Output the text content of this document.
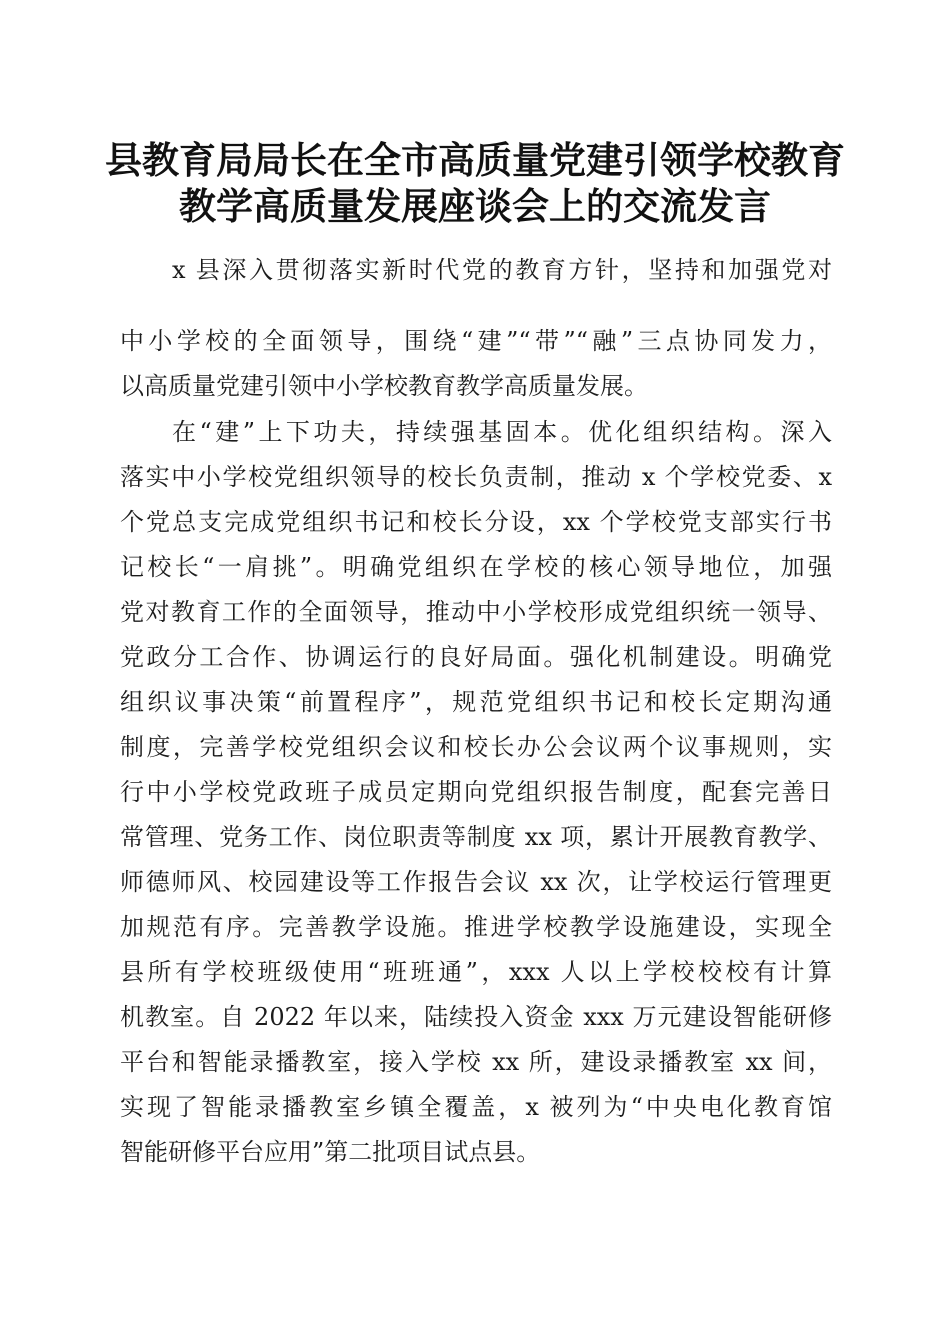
县教育局局长在全市高质量党建引领学校教育
教学高质量发展座谈会上的交流发言
x 县深入贯彻落实新时代党的教育方针，坚持和加强党对
中小学校的全面领导，围绕“建”“带”“融”三点协同发力，
以高质量党建引领中小学校教育教学高质量发展。
在“建”上下功夫，持续强基固本。优化组织结构。深入
落实中小学校党组织领导的校长负责制，推动 x 个学校党委、x
个党总支完成党组织书记和校长分设，xx 个学校党支部实行书
记校长“一肩挑”。明确党组织在学校的核心领导地位，加强
党对教育工作的全面领导，推动中小学校形成党组织统一领导、
党政分工合作、协调运行的良好局面。强化机制建设。明确党
组织议事决策“前置程序”，规范党组织书记和校长定期沟通
制度，完善学校党组织会议和校长办公会议两个议事规则，实
行中小学校党政班子成员定期向党组织报告制度，配套完善日
常管理、党务工作、岗位职责等制度 xx 项，累计开展教育教学、
师德师风、校园建设等工作报告会议 xx 次，让学校运行管理更
加规范有序。完善教学设施。推进学校教学设施建设，实现全
县所有学校班级使用“班班通”，xxx 人以上学校校校有计算
机教室。自 2022 年以来，陆续投入资金 xxx 万元建设智能研修
平台和智能录播教室，接入学校 xx 所，建设录播教室 xx 间，
实现了智能录播教室乡镇全覆盖，x 被列为“中央电化教育馆
智能研修平台应用”第二批项目试点县。
